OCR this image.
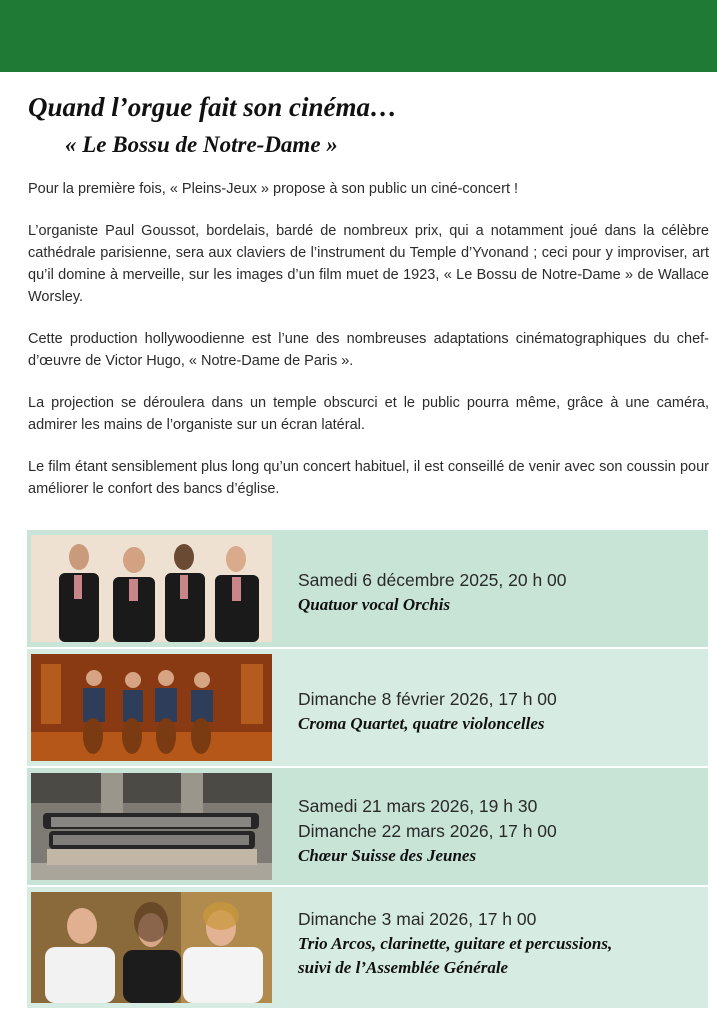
Quand l’orgue fait son cinéma…
« Le Bossu de Notre-Dame »

Pour la première fois, « Pleins-Jeux » propose à son public un ciné-concert !

L’organiste Paul Goussot, bordelais, bardé de nombreux prix, qui a notamment joué dans la célèbre cathédrale parisienne, sera aux claviers de l’instrument du Temple d’Yvonand ; ceci pour y improviser, art qu’il domine à merveille, sur les images d’un film muet de 1923, « Le Bossu de Notre-Dame » de Wallace Worsley.

Cette production hollywoodienne est l’une des nombreuses adaptations cinématographiques du chef-d’œuvre de Victor Hugo, « Notre-Dame de Paris ».

La projection se déroulera dans un temple obscurci et le public pourra même, grâce à une caméra, admirer les mains de l’organiste sur un écran latéral.

Le film étant sensiblement plus long qu’un concert habituel, il est conseillé de venir avec son coussin pour améliorer le confort des bancs d’église.

Samedi 6 décembre 2025, 20 h 00
Quatuor vocal Orchis
Dimanche 8 février 2026, 17 h 00
Croma Quartet, quatre violoncelles
Samedi 21 mars 2026, 19 h 30
Dimanche 22 mars 2026, 17 h 00
Chœur Suisse des Jeunes
Dimanche 3 mai 2026, 17 h 00
Trio Arcos, clarinette, guitare et percussions,
suivi de l’Assemblée Générale
